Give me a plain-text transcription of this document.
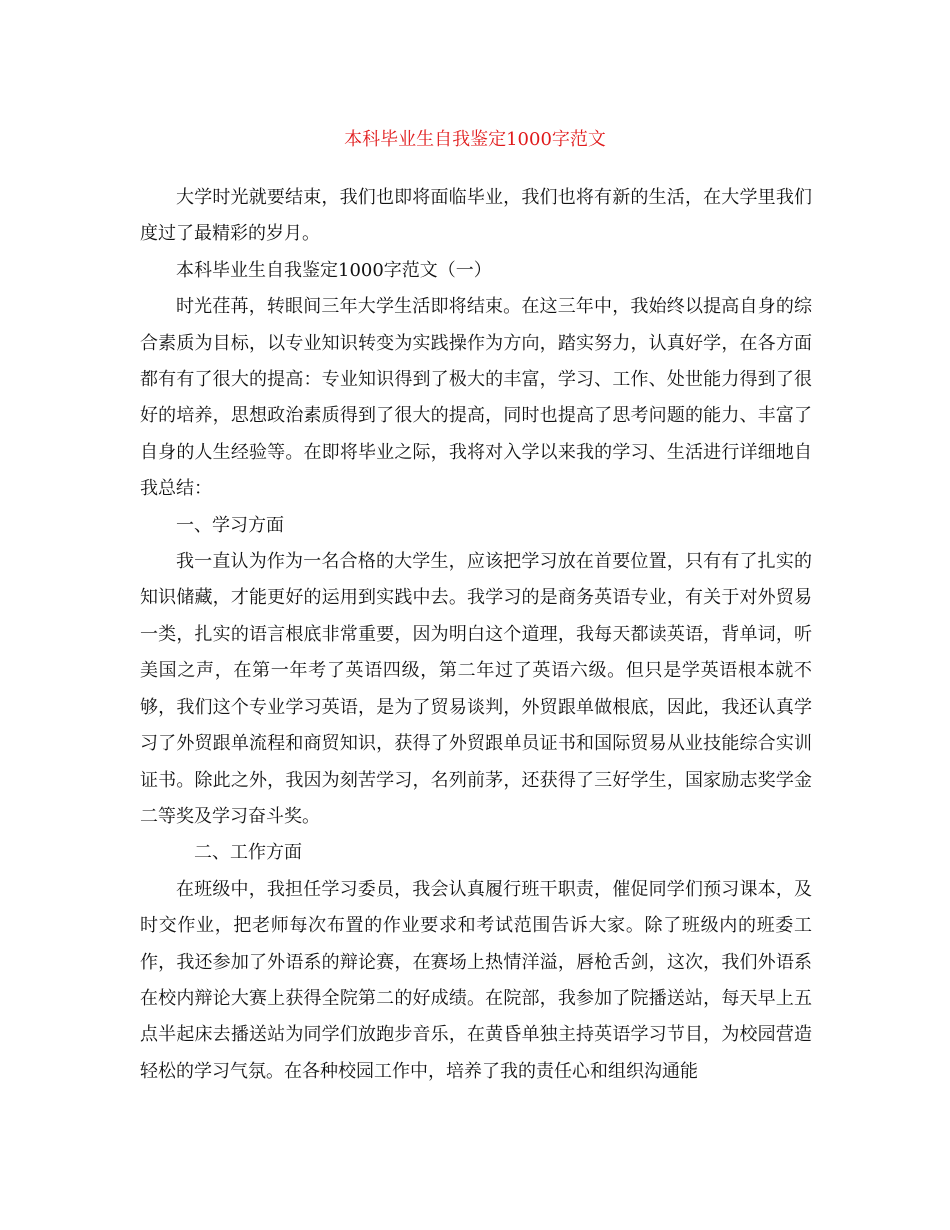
本科毕业生自我鉴定1000字范文

大学时光就要结束，我们也即将面临毕业，我们也将有新的生活，在大学里我们度过了最精彩的岁月。

本科毕业生自我鉴定1000字范文（一）

时光荏苒，转眼间三年大学生活即将结束。在这三年中，我始终以提高自身的综合素质为目标，以专业知识转变为实践操作为方向，踏实努力，认真好学，在各方面都有有了很大的提高：专业知识得到了极大的丰富，学习、工作、处世能力得到了很好的培养，思想政治素质得到了很大的提高，同时也提高了思考问题的能力、丰富了自身的人生经验等。在即将毕业之际，我将对入学以来我的学习、生活进行详细地自我总结：

一、学习方面

我一直认为作为一名合格的大学生，应该把学习放在首要位置，只有有了扎实的知识储藏，才能更好的运用到实践中去。我学习的是商务英语专业，有关于对外贸易一类，扎实的语言根底非常重要，因为明白这个道理，我每天都读英语，背单词，听美国之声，在第一年考了英语四级，第二年过了英语六级。但只是学英语根本就不够，我们这个专业学习英语，是为了贸易谈判，外贸跟单做根底，因此，我还认真学习了外贸跟单流程和商贸知识，获得了外贸跟单员证书和国际贸易从业技能综合实训证书。除此之外，我因为刻苦学习，名列前茅，还获得了三好学生，国家励志奖学金二等奖及学习奋斗奖。

二、工作方面

在班级中，我担任学习委员，我会认真履行班干职责，催促同学们预习课本，及时交作业，把老师每次布置的作业要求和考试范围告诉大家。除了班级内的班委工作，我还参加了外语系的辩论赛，在赛场上热情洋溢，唇枪舌剑，这次，我们外语系在校内辩论大赛上获得全院第二的好成绩。在院部，我参加了院播送站，每天早上五点半起床去播送站为同学们放跑步音乐，在黄昏单独主持英语学习节目，为校园营造轻松的学习气氛。在各种校园工作中，培养了我的责任心和组织沟通能
